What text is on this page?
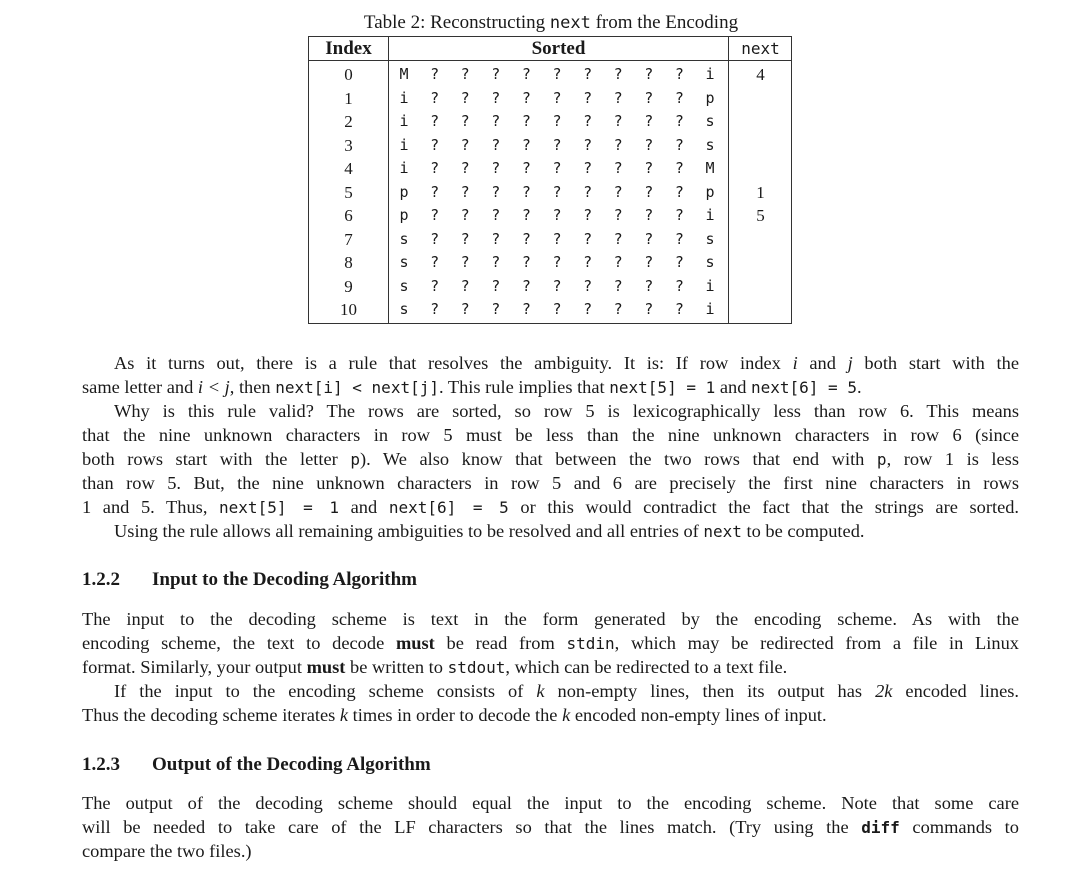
Table 2: Reconstructing next from the Encoding
Index	Sorted	next
0	M	?	?	?	?	?	?	?	?	?	i	4
1	i	?	?	?	?	?	?	?	?	?	p
2	i	?	?	?	?	?	?	?	?	?	s
3	i	?	?	?	?	?	?	?	?	?	s
4	i	?	?	?	?	?	?	?	?	?	M
5	p	?	?	?	?	?	?	?	?	?	p	1
6	p	?	?	?	?	?	?	?	?	?	i	5
7	s	?	?	?	?	?	?	?	?	?	s
8	s	?	?	?	?	?	?	?	?	?	s
9	s	?	?	?	?	?	?	?	?	?	i
10	s	?	?	?	?	?	?	?	?	?	i
As it turns out, there is a rule that resolves the ambiguity. It is: If row index i and j both start with the
same letter and i < j, then next[i] < next[j]. This rule implies that next[5] = 1 and next[6] = 5.
Why is this rule valid? The rows are sorted, so row 5 is lexicographically less than row 6. This means
that the nine unknown characters in row 5 must be less than the nine unknown characters in row 6 (since
both rows start with the letter p). We also know that between the two rows that end with p, row 1 is less
than row 5. But, the nine unknown characters in row 5 and 6 are precisely the first nine characters in rows
1 and 5. Thus, next[5] = 1 and next[6] = 5 or this would contradict the fact that the strings are sorted.
Using the rule allows all remaining ambiguities to be resolved and all entries of next to be computed.
1.2.2 Input to the Decoding Algorithm
The input to the decoding scheme is text in the form generated by the encoding scheme. As with the
encoding scheme, the text to decode must be read from stdin, which may be redirected from a file in Linux
format. Similarly, your output must be written to stdout, which can be redirected to a text file.
If the input to the encoding scheme consists of k non-empty lines, then its output has 2k encoded lines.
Thus the decoding scheme iterates k times in order to decode the k encoded non-empty lines of input.
1.2.3 Output of the Decoding Algorithm
The output of the decoding scheme should equal the input to the encoding scheme. Note that some care
will be needed to take care of the LF characters so that the lines match. (Try using the diff commands to
compare the two files.)
